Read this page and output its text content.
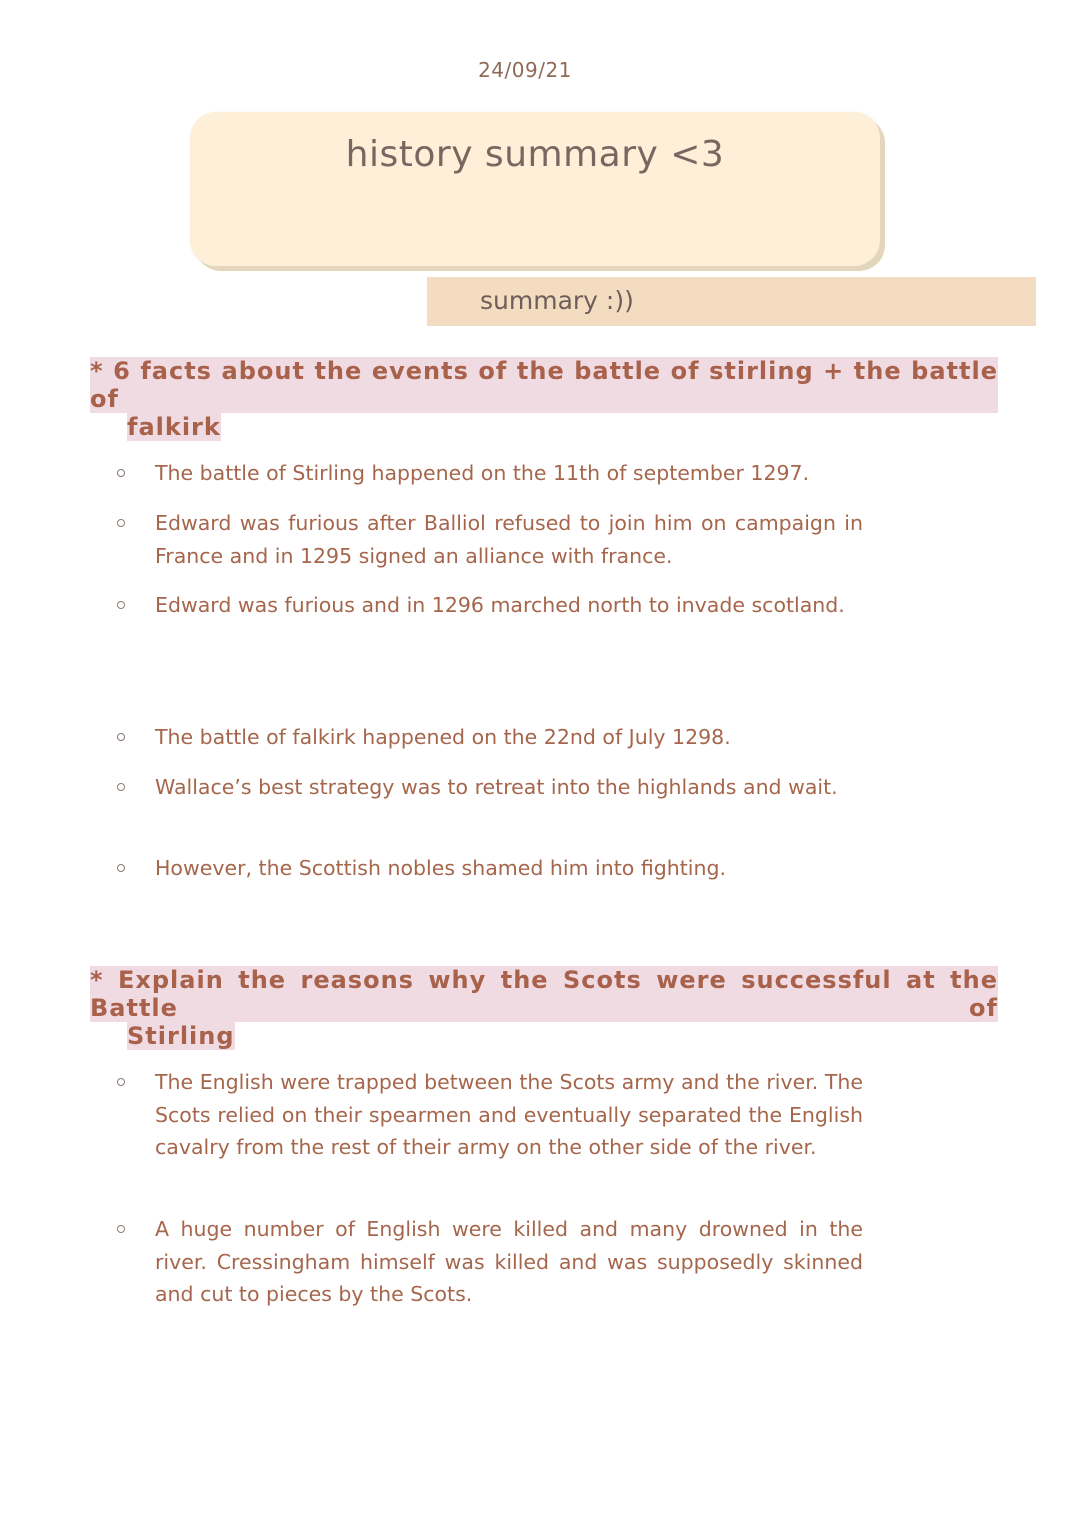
24/09/21
history summary <3
summary :))
* 6 facts about the events of the battle of stirling + the battle of
falkirk
The battle of Stirling happened on the 11th of september 1297.
Edward was furious after Balliol refused to join him on campaign in France and in 1295 signed an alliance with france.
Edward was furious and in 1296 marched north to invade scotland.
The battle of falkirk happened on the 22nd of July 1298.
Wallace’s best strategy was to retreat into the highlands and wait.
However, the Scottish nobles shamed him into fighting.
* Explain the reasons why the Scots were successful at the Battle of
Stirling
The English were trapped between the Scots army and the river. The Scots relied on their spearmen and eventually separated the English cavalry from the rest of their army on the other side of the river.
A huge number of English were killed and many drowned in the river. Cressingham himself was killed and was supposedly skinned and cut to pieces by the Scots.
